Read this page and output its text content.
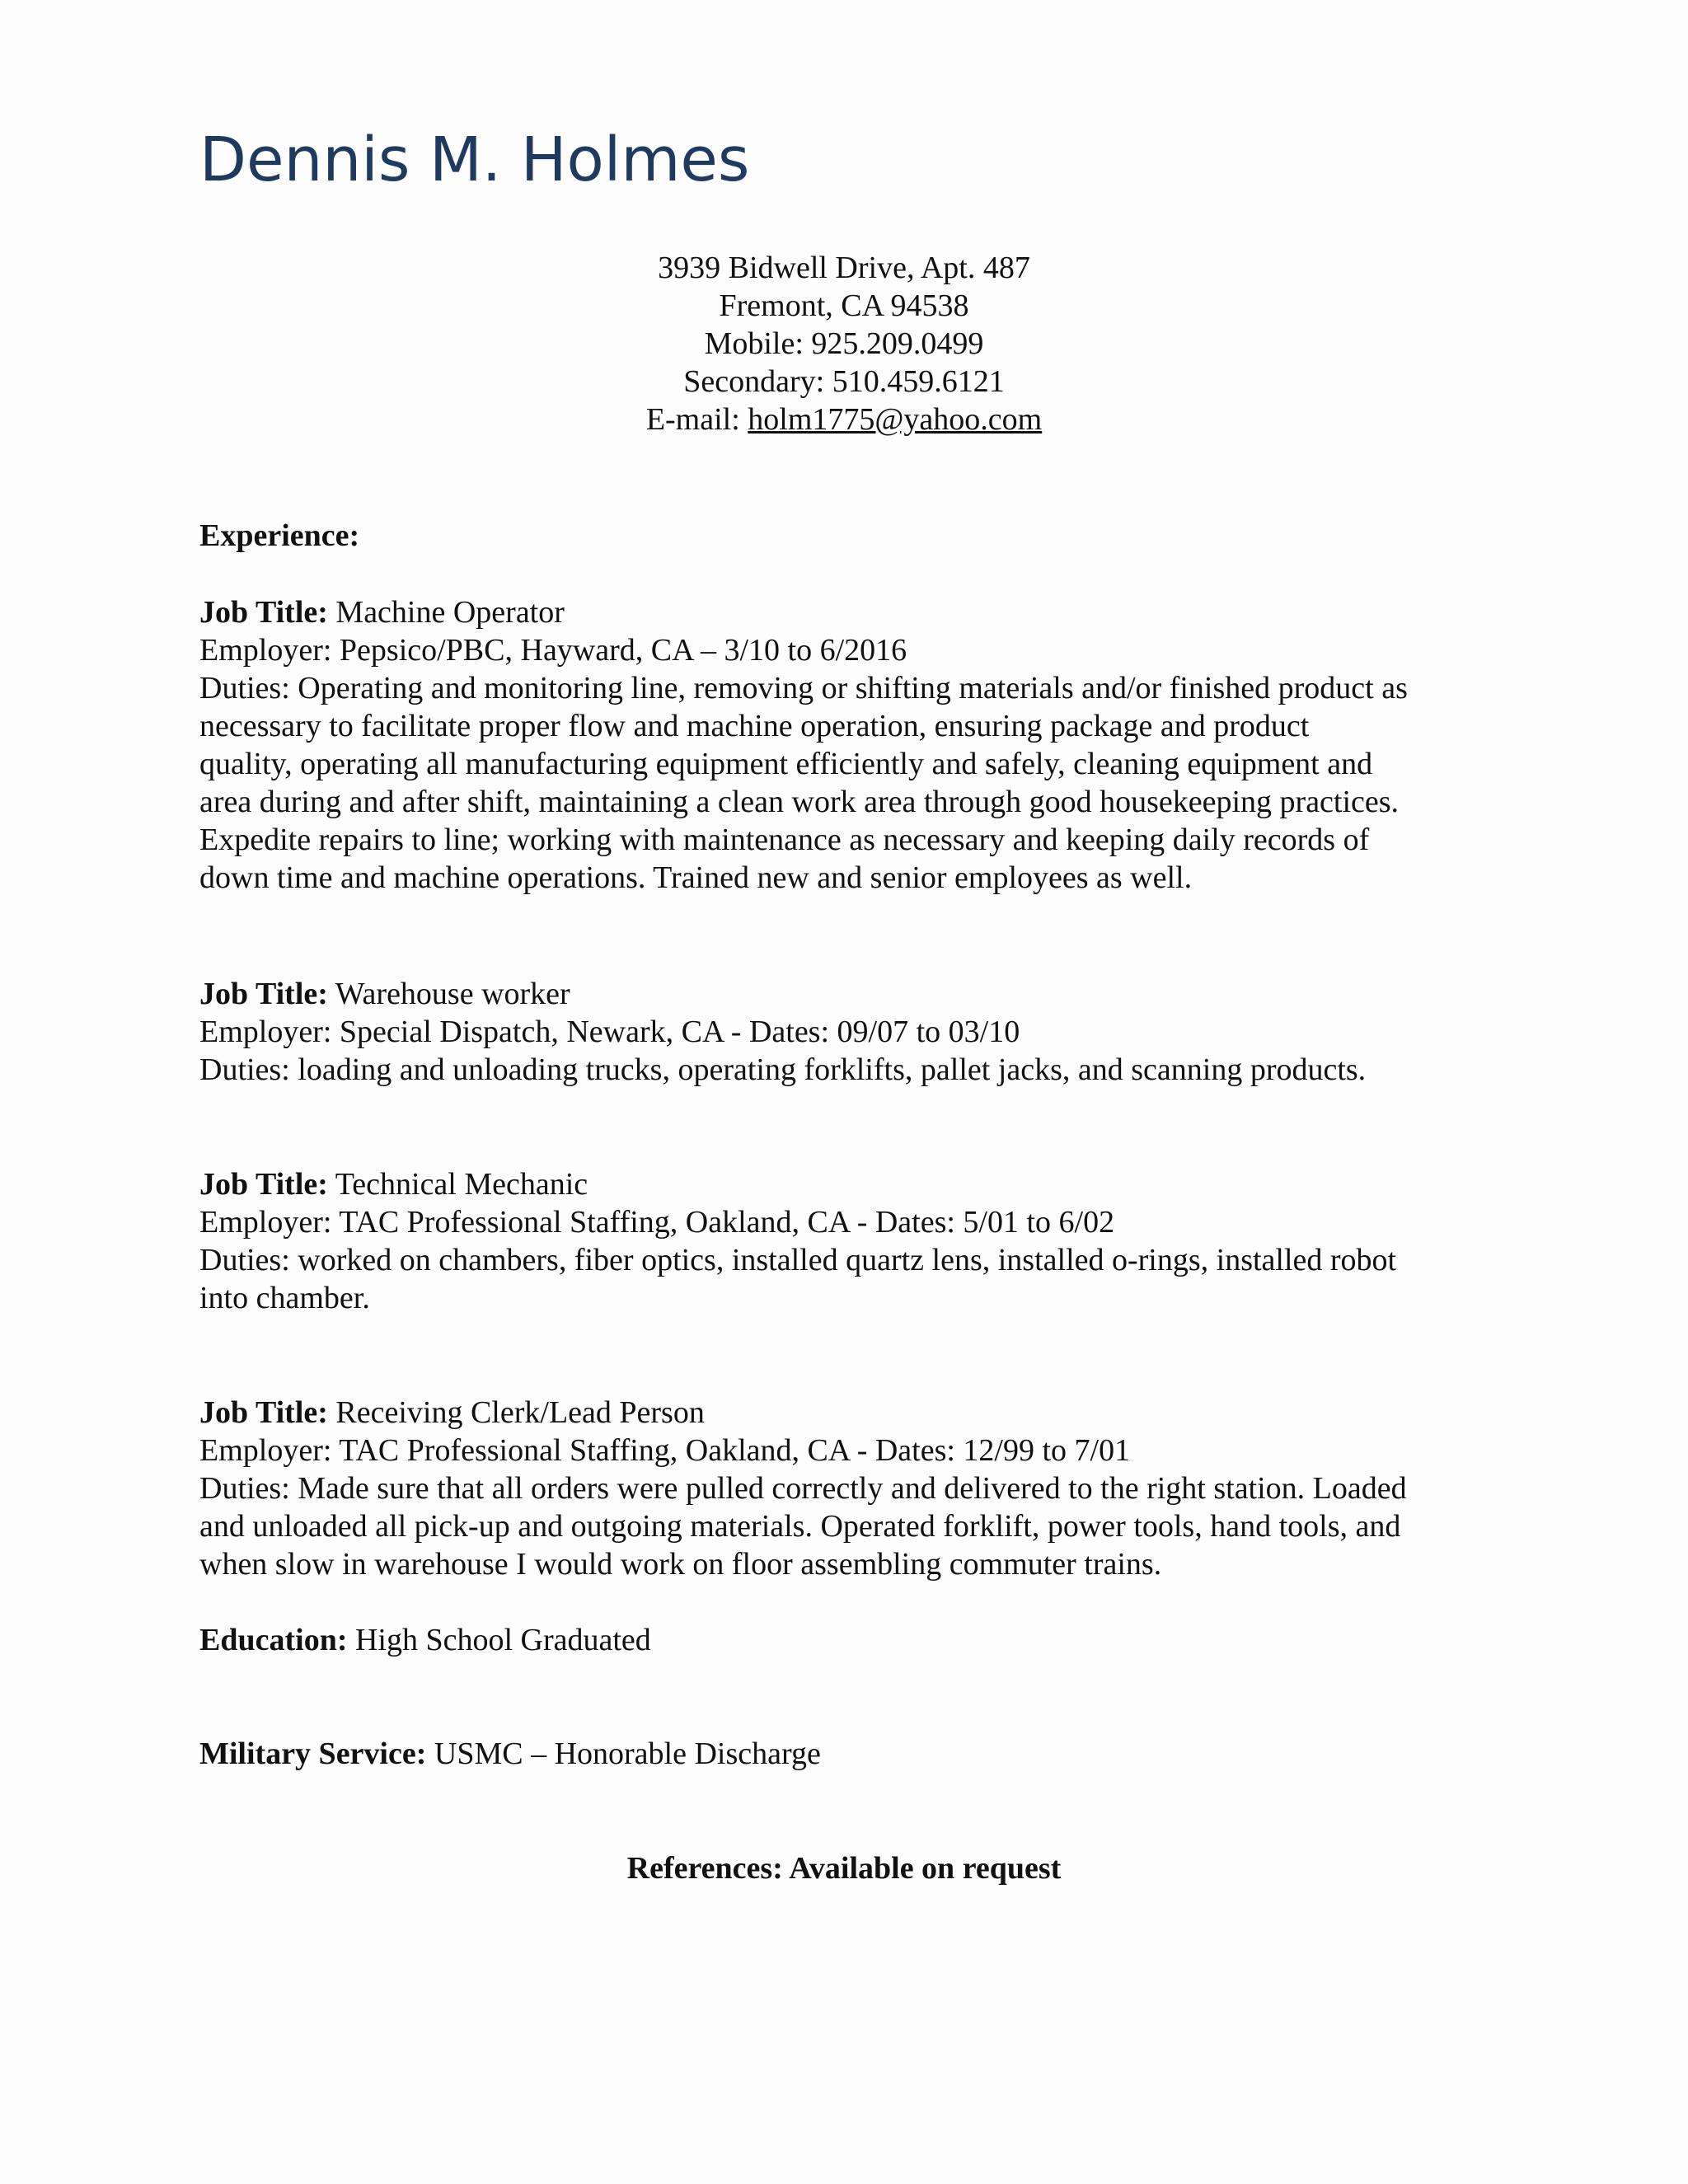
Dennis M. Holmes
3939 Bidwell Drive, Apt. 487
Fremont, CA 94538
Mobile: 925.209.0499
Secondary: 510.459.6121
E-mail: holm1775@yahoo.com
Experience:
Job Title: Machine Operator
Employer: Pepsico/PBC, Hayward, CA – 3/10 to 6/2016
Duties: Operating and monitoring line, removing or shifting materials and/or finished product as
necessary to facilitate proper flow and machine operation, ensuring package and product
quality, operating all manufacturing equipment efficiently and safely, cleaning equipment and
area during and after shift, maintaining a clean work area through good housekeeping practices.
Expedite repairs to line; working with maintenance as necessary and keeping daily records of
down time and machine operations. Trained new and senior employees as well.
Job Title: Warehouse worker
Employer: Special Dispatch, Newark, CA - Dates: 09/07 to 03/10
Duties: loading and unloading trucks, operating forklifts, pallet jacks, and scanning products.
Job Title: Technical Mechanic
Employer: TAC Professional Staffing, Oakland, CA - Dates: 5/01 to 6/02
Duties: worked on chambers, fiber optics, installed quartz lens, installed o-rings, installed robot
into chamber.
Job Title: Receiving Clerk/Lead Person
Employer: TAC Professional Staffing, Oakland, CA - Dates: 12/99 to 7/01
Duties: Made sure that all orders were pulled correctly and delivered to the right station. Loaded
and unloaded all pick-up and outgoing materials. Operated forklift, power tools, hand tools, and
when slow in warehouse I would work on floor assembling commuter trains.
Education: High School Graduated
Military Service: USMC – Honorable Discharge
References: Available on request
